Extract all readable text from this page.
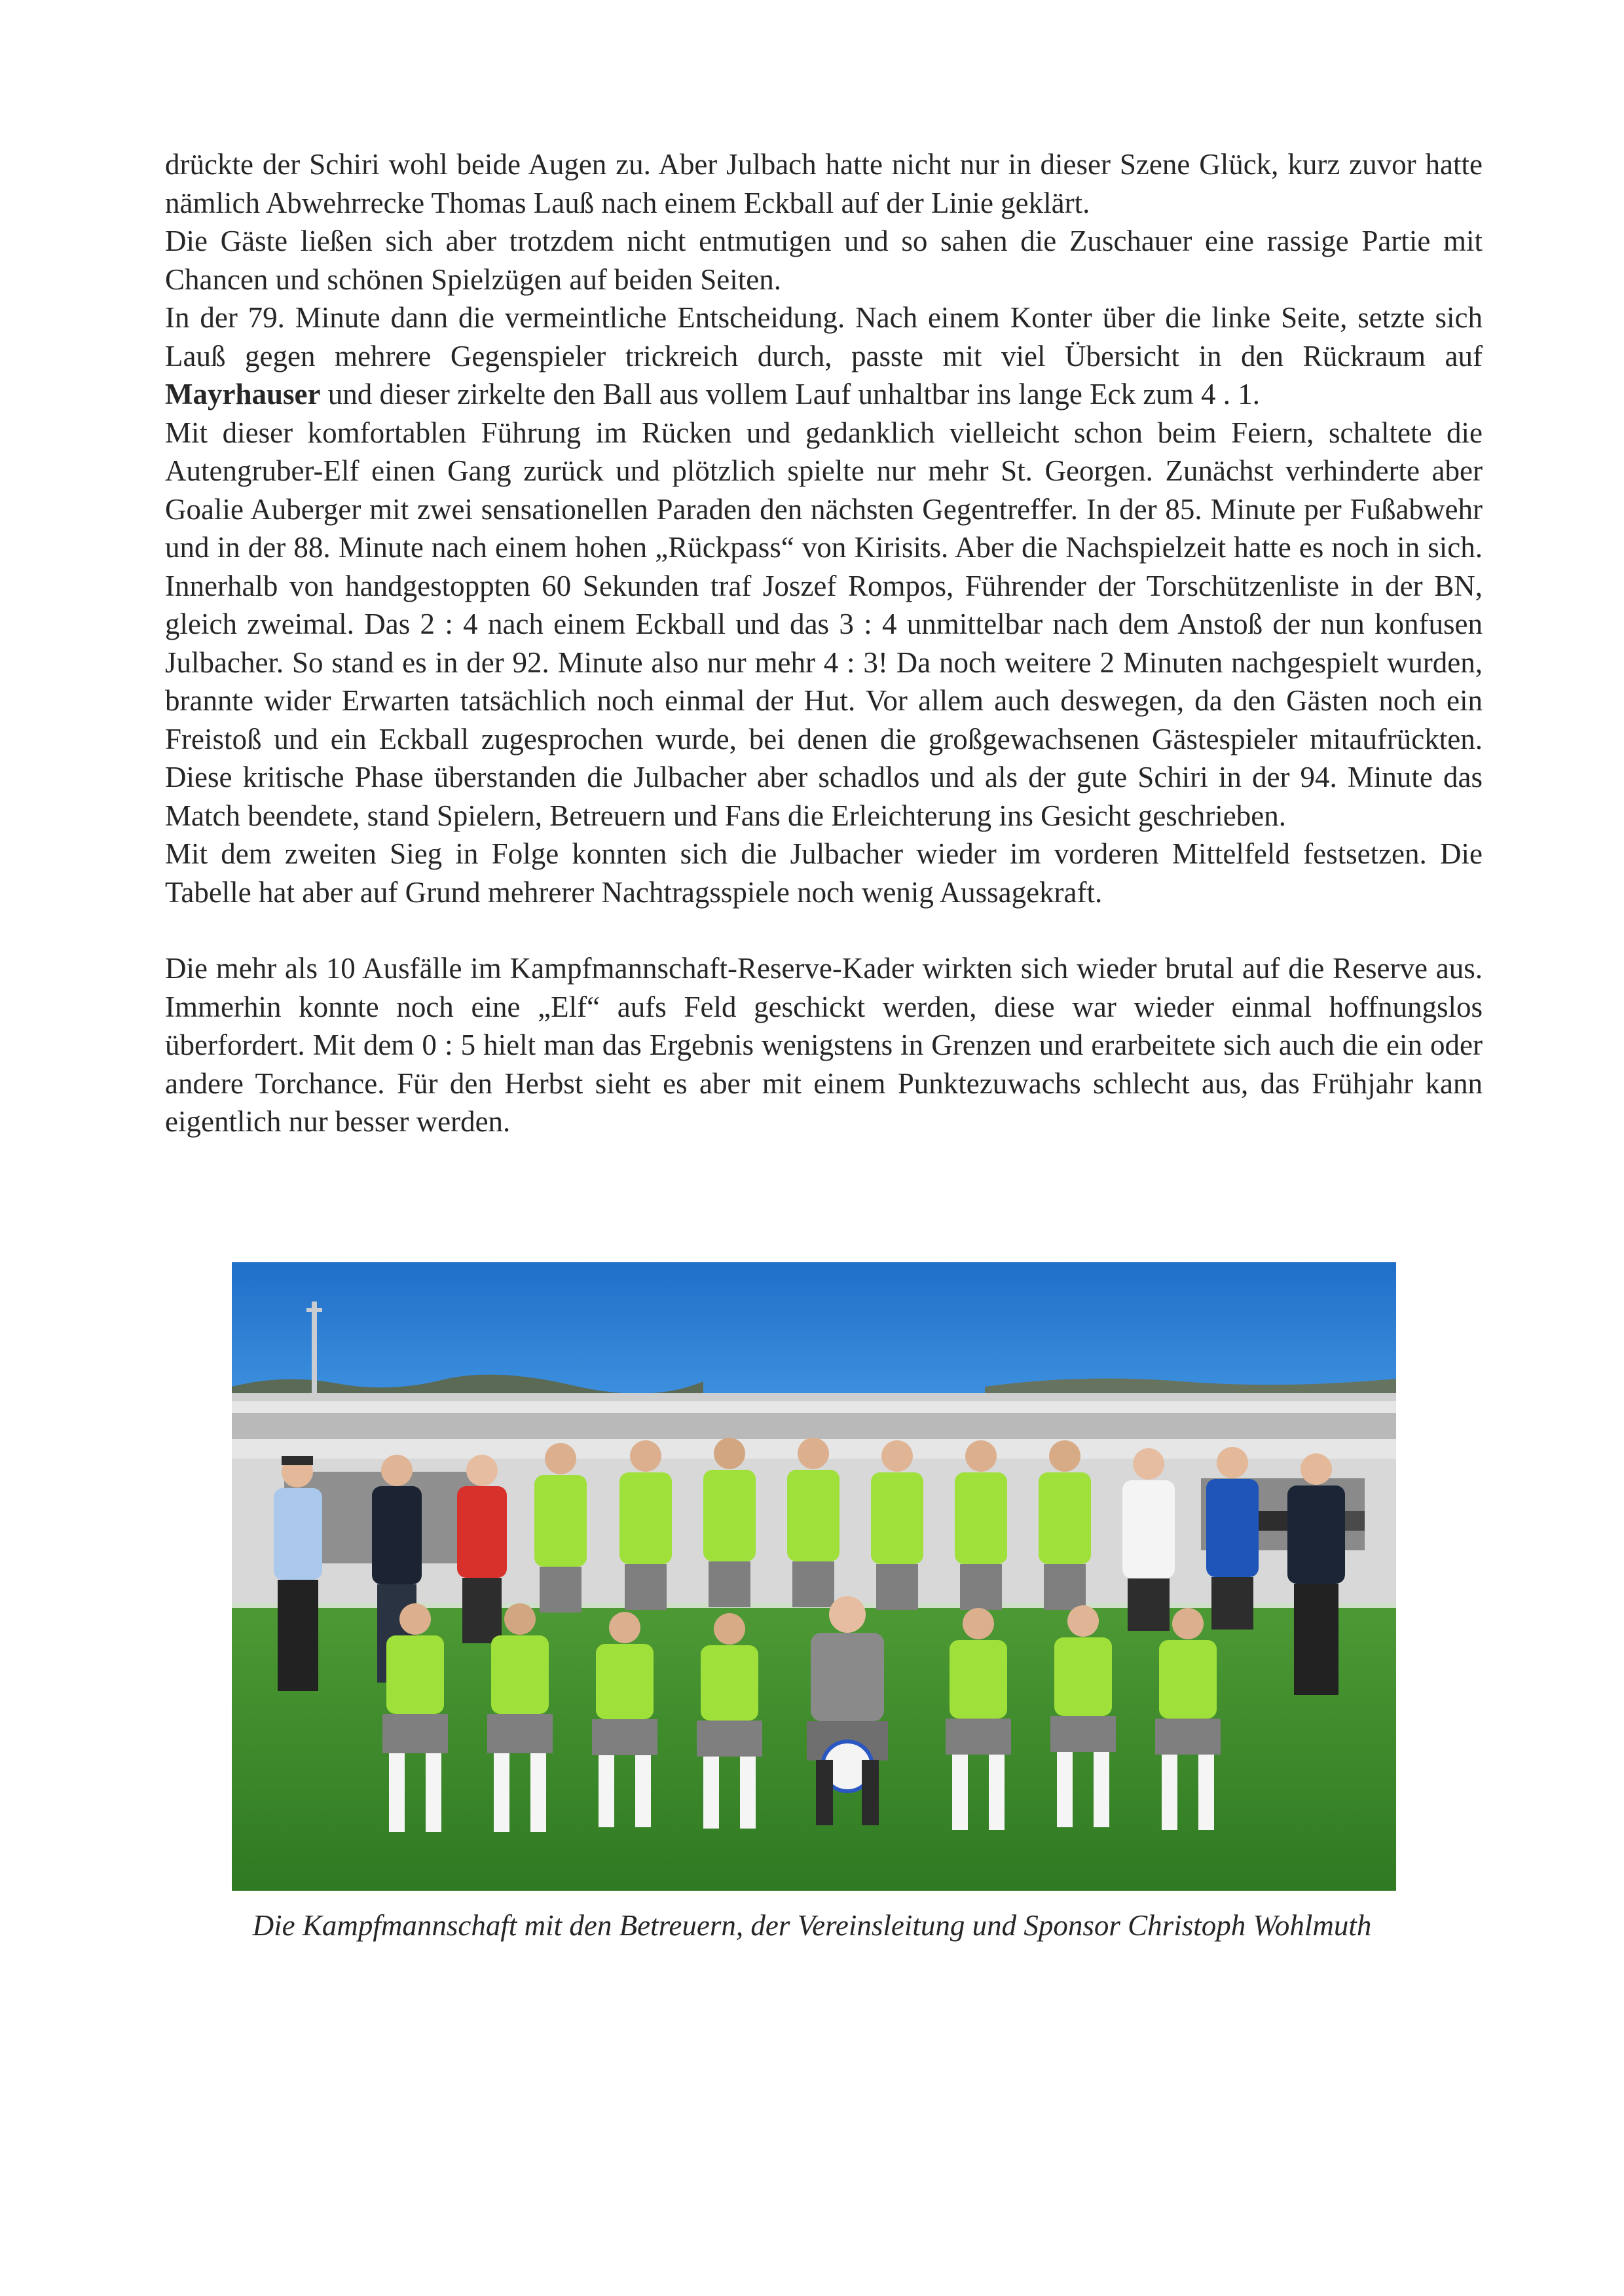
drückte der Schiri wohl beide Augen zu. Aber Julbach hatte nicht nur in dieser Szene Glück, kurz zuvor hatte nämlich Abwehrrecke Thomas Lauß nach einem Eckball auf der Linie geklärt.

Die Gäste ließen sich aber trotzdem nicht entmutigen und so sahen die Zuschauer eine rassige Partie mit Chancen und schönen Spielzügen auf beiden Seiten.

In der 79. Minute dann die vermeintliche Entscheidung. Nach einem Konter über die linke Seite, setzte sich Lauß gegen mehrere Gegenspieler trickreich durch, passte mit viel Übersicht in den Rückraum auf Mayrhauser und dieser zirkelte den Ball aus vollem Lauf unhaltbar ins lange Eck zum 4 . 1.

Mit dieser komfortablen Führung im Rücken und gedanklich vielleicht schon beim Feiern, schaltete die Autengruber-Elf einen Gang zurück und plötzlich spielte nur mehr St. Georgen. Zunächst verhinderte aber Goalie Auberger mit zwei sensationellen Paraden den nächsten Gegentreffer. In der 85. Minute per Fußabwehr und in der 88. Minute nach einem hohen „Rückpass“ von Kirisits. Aber die Nachspielzeit hatte es noch in sich. Innerhalb von handgestoppten 60 Sekunden traf Joszef Rompos, Führender der Torschützenliste in der BN, gleich zweimal. Das 2 : 4 nach einem Eckball und das 3 : 4 unmittelbar nach dem Anstoß der nun konfusen Julbacher. So stand es in der 92. Minute also nur mehr 4 : 3! Da noch weitere 2 Minuten nachgespielt wurden, brannte wider Erwarten tatsächlich noch einmal der Hut. Vor allem auch deswegen, da den Gästen noch ein Freistoß und ein Eckball zugesprochen wurde, bei denen die großgewachsenen Gästespieler mitaufrückten. Diese kritische Phase überstanden die Julbacher aber schadlos und als der gute Schiri in der 94. Minute das Match beendete, stand Spielern, Betreuern und Fans die Erleichterung ins Gesicht geschrieben.

Mit dem zweiten Sieg in Folge konnten sich die Julbacher wieder im vorderen Mittelfeld festsetzen. Die Tabelle hat aber auf Grund mehrerer Nachtragsspiele noch wenig Aussagekraft.

Die mehr als 10 Ausfälle im Kampfmannschaft-Reserve-Kader wirkten sich wieder brutal auf die Reserve aus. Immerhin konnte noch eine „Elf“ aufs Feld geschickt werden, diese war wieder einmal hoffnungslos überfordert. Mit dem 0 : 5 hielt man das Ergebnis wenigstens in Grenzen und erarbeitete sich auch die ein oder andere Torchance. Für den Herbst sieht es aber mit einem Punktezuwachs schlecht aus, das Frühjahr kann eigentlich nur besser werden.

Die Kampfmannschaft mit den Betreuern, der Vereinsleitung und Sponsor Christoph Wohlmuth
